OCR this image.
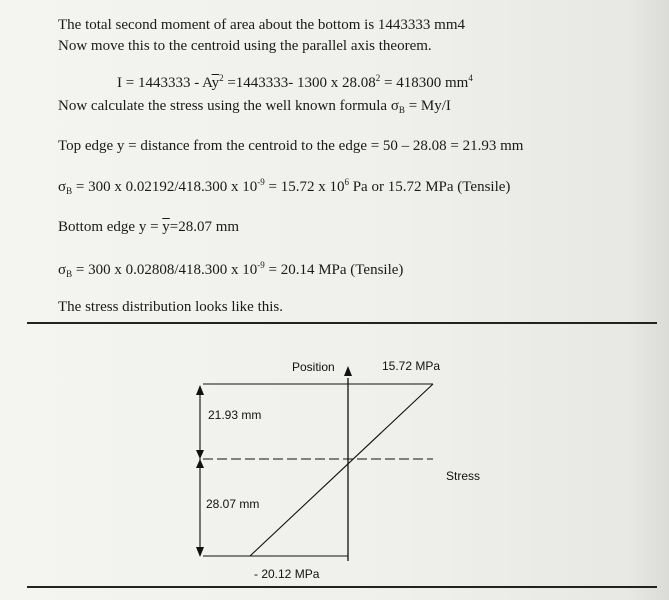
The total second moment of area about the bottom is 1443333 mm4
Now move this to the centroid using the parallel axis theorem.
$I = 1443333 - A\overline{y}^2 =1443333-$ 1300 x $28.08^2 = 418300$ $mm^4$
Now calculate the stress using the well known formula $\sigma_B = My/I$
Top edge y = distance from the centroid to the edge = 50 – 28.08 = 21.93 mm
$\sigma_B = 300$ x 0.02192/418.300 x $10^{-9} = 15.72$ x $10^6$ Pa or 15.72 MPa (Tensile)
Bottom edge $y = \overline{y}=28.07$ mm
$\sigma_B = 300$ x 0.02808/418.300 x $10^{-9} = 20.14$ MPa (Tensile)
The stress distribution looks like this.
Position	15.72 MPa
21.93 mm
Stress
28.07 mm
- 20.12 MPa
